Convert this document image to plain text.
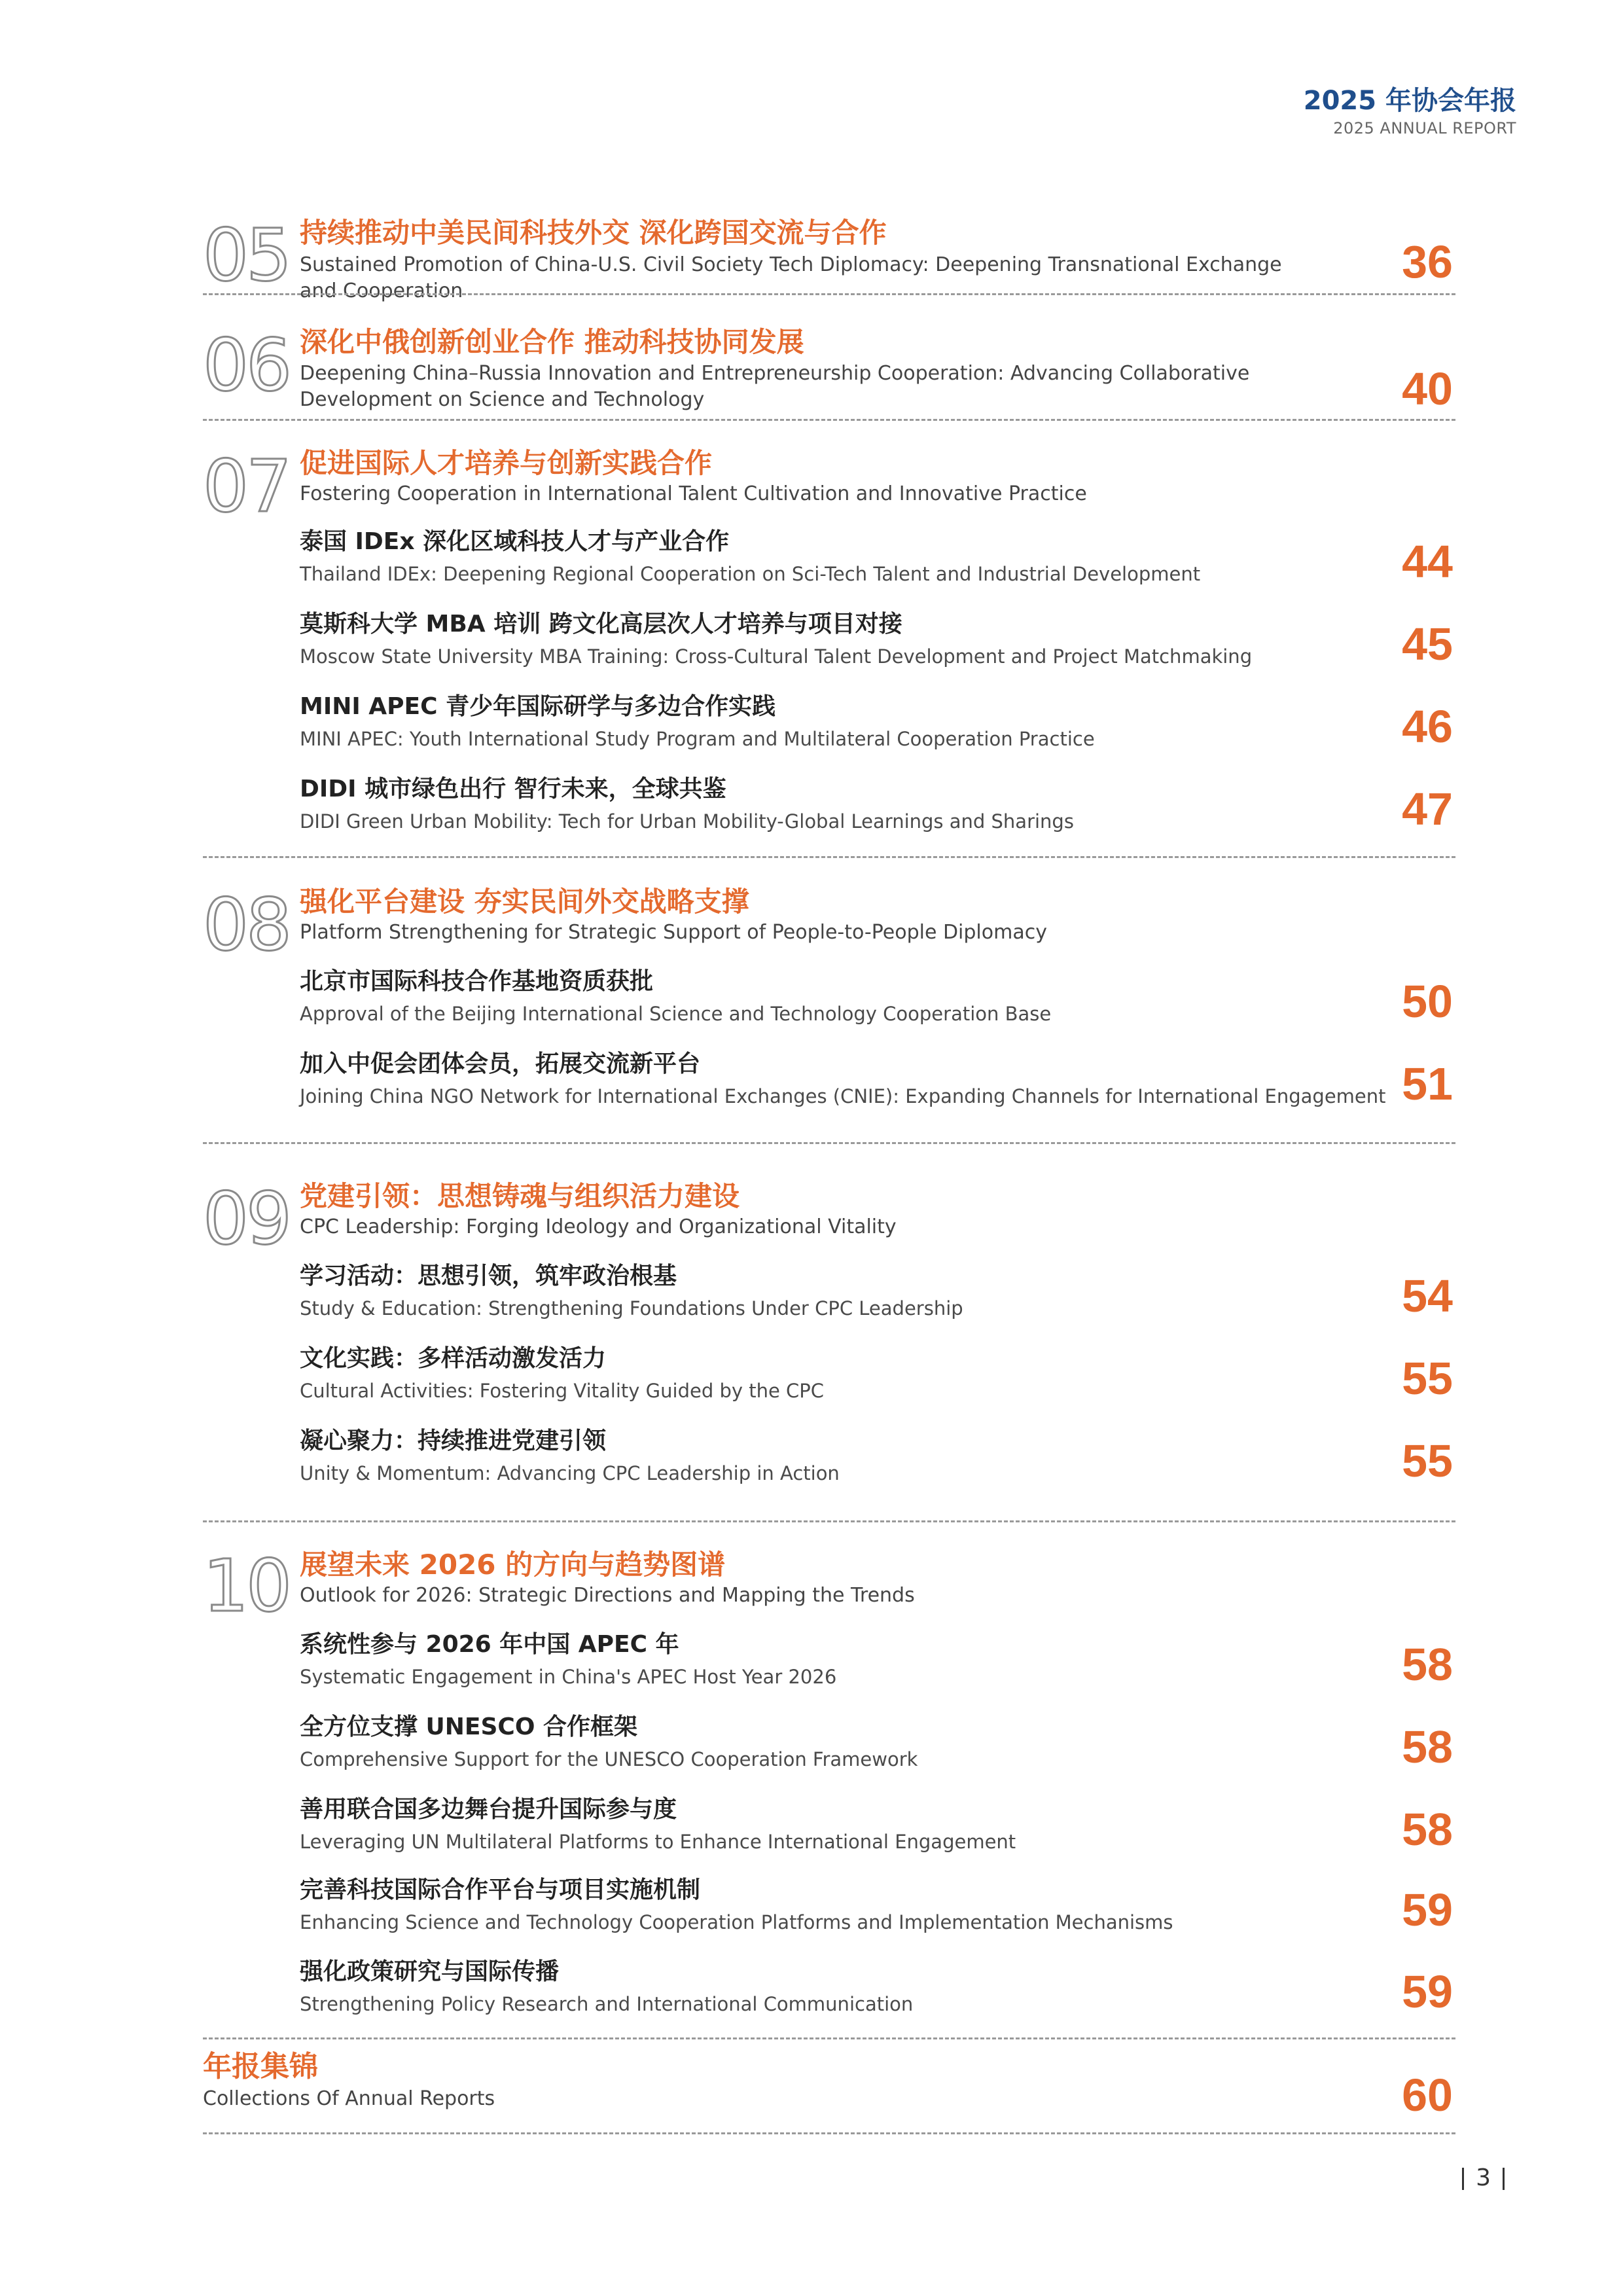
2025 年协会年报
2025 ANNUAL REPORT
05 持续推动中美民间科技外交 深化跨国交流与合作
Sustained Promotion of China-U.S. Civil Society Tech Diplomacy: Deepening Transnational Exchange and Cooperation
36
06 深化中俄创新创业合作 推动科技协同发展
Deepening China–Russia Innovation and Entrepreneurship Cooperation: Advancing Collaborative Development on Science and Technology	40
07 促进国际人才培养与创新实践合作
Fostering Cooperation in International Talent Cultivation and Innovative Practice
泰国 IDEx 深化区域科技人才与产业合作
Thailand IDEx: Deepening Regional Cooperation on Sci-Tech Talent and Industrial Development	44
莫斯科大学 MBA 培训 跨文化高层次人才培养与项目对接
Moscow State University MBA Training: Cross-Cultural Talent Development and Project Matchmaking	45
MINI APEC 青少年国际研学与多边合作实践
MINI APEC: Youth International Study Program and Multilateral Cooperation Practice	46
DIDI 城市绿色出行 智行未来，全球共鉴
DIDI Green Urban Mobility: Tech for Urban Mobility-Global Learnings and Sharings	47
08 强化平台建设 夯实民间外交战略支撑
Platform Strengthening for Strategic Support of People-to-People Diplomacy
北京市国际科技合作基地资质获批
Approval of the Beijing International Science and Technology Cooperation Base	50
加入中促会团体会员，拓展交流新平台
Joining China NGO Network for International Exchanges (CNIE): Expanding Channels for International Engagement 51
09 党建引领：思想铸魂与组织活力建设
CPC Leadership: Forging Ideology and Organizational Vitality
学习活动：思想引领，筑牢政治根基
Study & Education: Strengthening Foundations Under CPC Leadership	54
文化实践：多样活动激发活力
Cultural Activities: Fostering Vitality Guided by the CPC	55
凝心聚力：持续推进党建引领
Unity & Momentum: Advancing CPC Leadership in Action	55
10 展望未来 2026 的方向与趋势图谱
Outlook for 2026: Strategic Directions and Mapping the Trends
系统性参与 2026 年中国 APEC 年
Systematic Engagement in China's APEC Host Year 2026	58
全方位支撑 UNESCO 合作框架
Comprehensive Support for the UNESCO Cooperation Framework	58
善用联合国多边舞台提升国际参与度
Leveraging UN Multilateral Platforms to Enhance International Engagement	58
完善科技国际合作平台与项目实施机制
Enhancing Science and Technology Cooperation Platforms and Implementation Mechanisms	59
强化政策研究与国际传播
Strengthening Policy Research and International Communication	59
年报集锦
Collections Of Annual Reports	60
3
